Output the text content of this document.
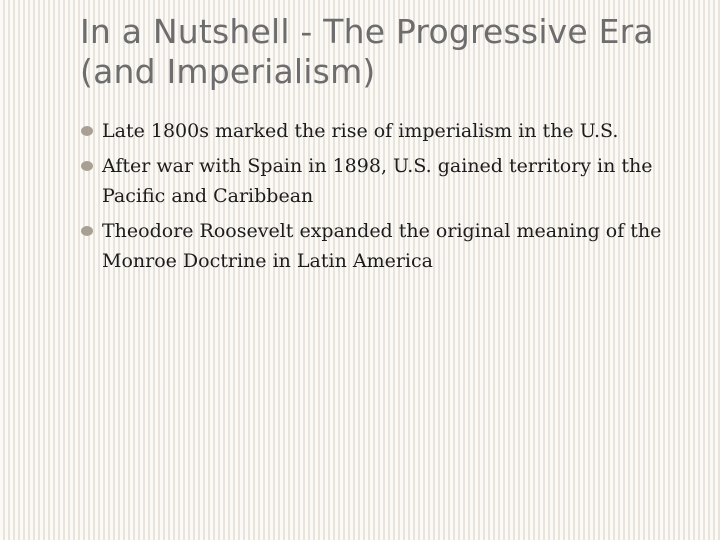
In a Nutshell - The Progressive Era (and Imperialism)
Late 1800s marked the rise of imperialism in the U.S.
After war with Spain in 1898, U.S. gained territory in the Pacific and Caribbean
Theodore Roosevelt expanded the original meaning of the Monroe Doctrine in Latin America
